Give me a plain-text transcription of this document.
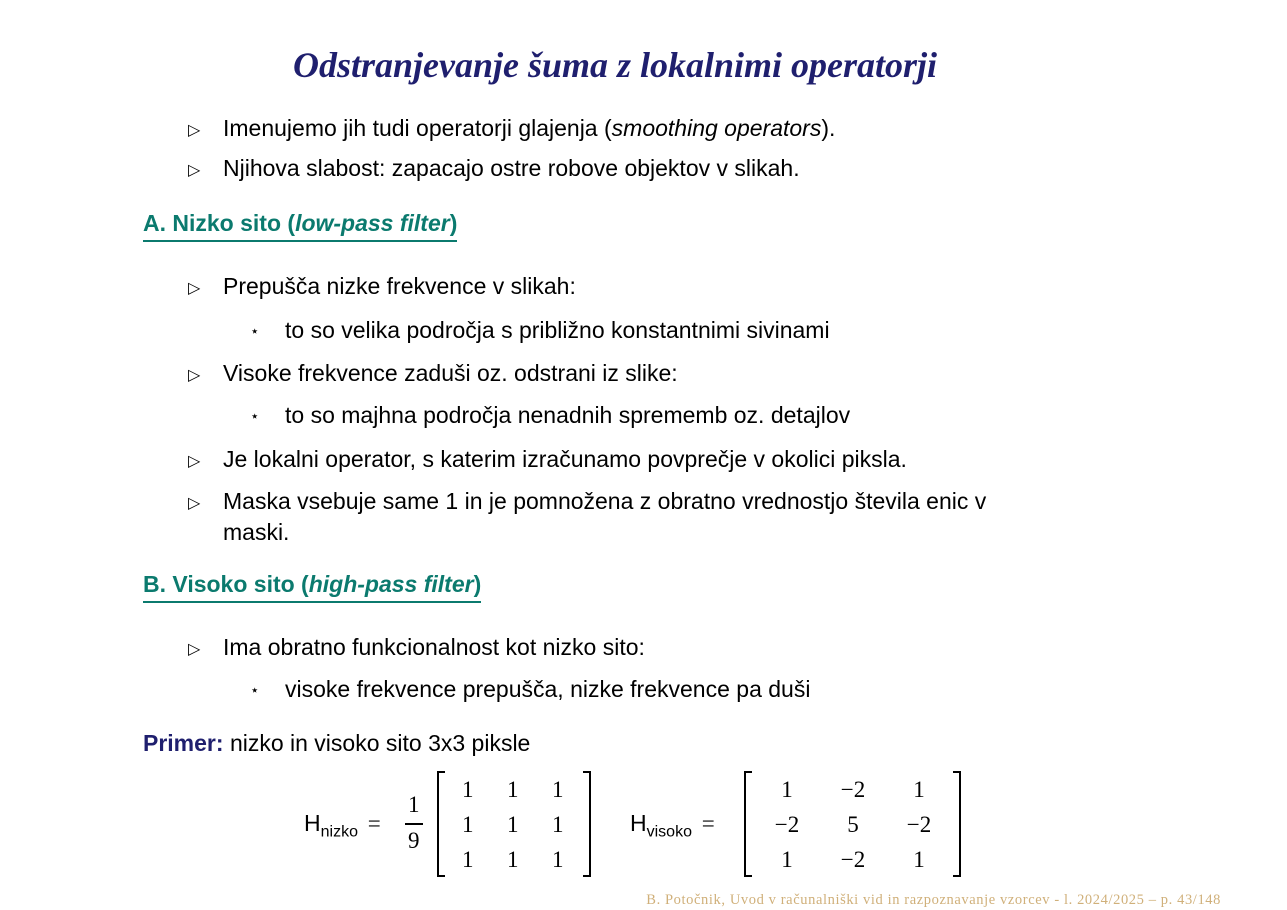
Odstranjevanje šuma z lokalnimi operatorji
▷ Imenujemo jih tudi operatorji glajenja (smoothing operators).
▷ Njihova slabost: zapacajo ostre robove objektov v slikah.
A. Nizko sito (low-pass filter)
▷ Prepušča nizke frekvence v slikah:
⋆ to so velika področja s približno konstantnimi sivinami
▷ Visoke frekvence zaduši oz. odstrani iz slike:
⋆ to so majhna področja nenadnih sprememb oz. detajlov
▷ Je lokalni operator, s katerim izračunamo povprečje v okolici piksla.
▷ Maska vsebuje same 1 in je pomnožena z obratno vrednostjo števila enic v
maski.
B. Visoko sito (high-pass filter)
▷ Ima obratno funkcionalnost kot nizko sito:
⋆ visoke frekvence prepušča, nizke frekvence pa duši
Primer: nizko in visoko sito 3x3 piksle
$H_{nizko}$ =
1
9
$H_{visoko}$ =
1 1 1
1 1 1
1 1 1
1	−2	1
−2	5	−2
1	−2	1
B. Potočnik, Uvod v računalniški vid in razpoznavanje vzorcev - l. 2024/2025 – p. 43/148
